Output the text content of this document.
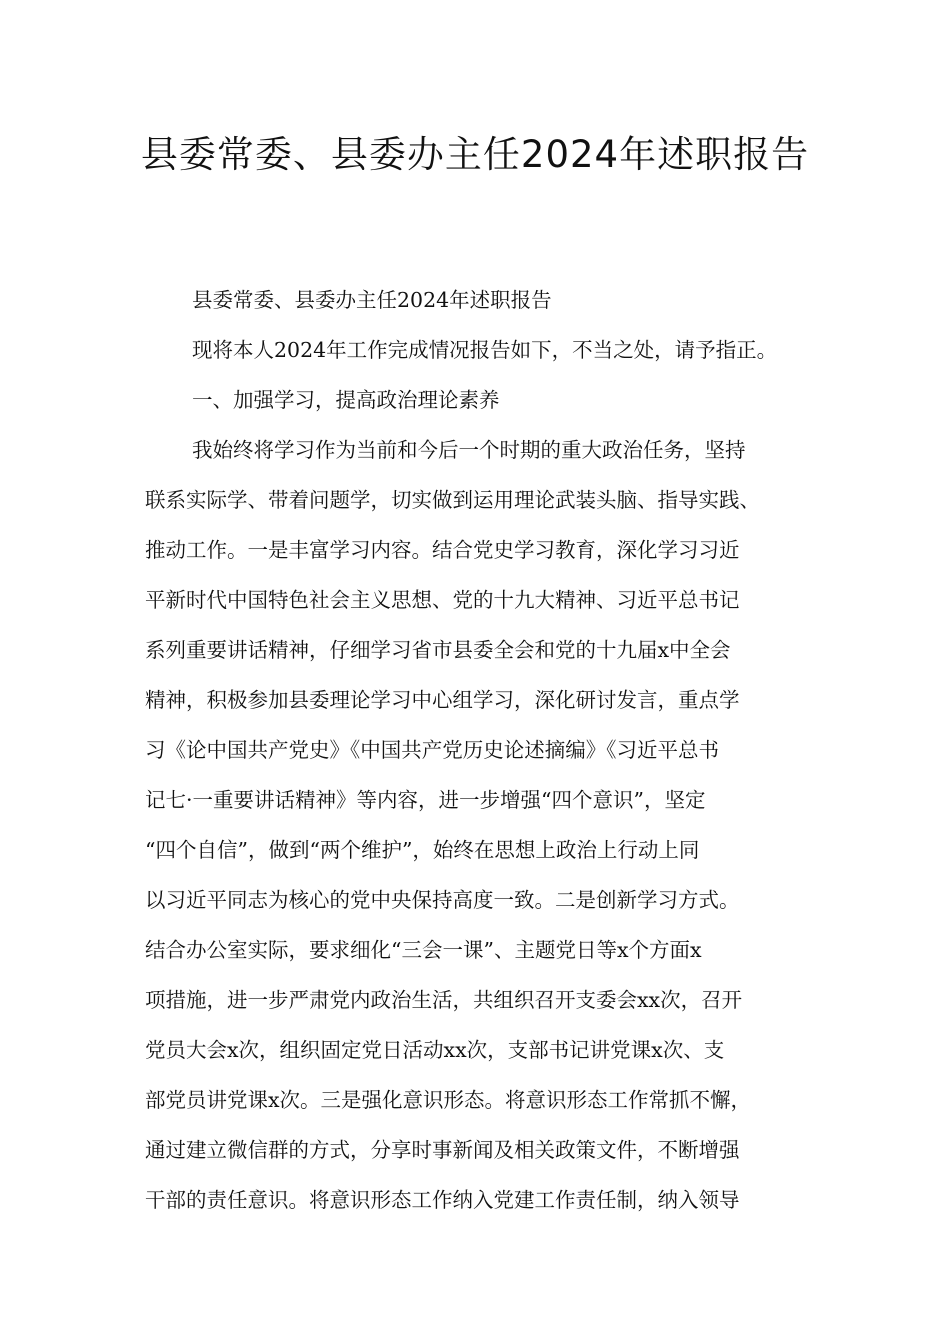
县委常委、县委办主任2024年述职报告
县委常委、县委办主任2024年述职报告
现将本人2024年工作完成情况报告如下，不当之处，请予指正。
一、加强学习，提高政治理论素养
我始终将学习作为当前和今后一个时期的重大政治任务，坚持
联系实际学、带着问题学，切实做到运用理论武装头脑、指导实践、
推动工作。一是丰富学习内容。结合党史学习教育，深化学习习近
平新时代中国特色社会主义思想、党的十九大精神、习近平总书记
系列重要讲话精神，仔细学习省市县委全会和党的十九届x中全会
精神，积极参加县委理论学习中心组学习，深化研讨发言，重点学
习《论中国共产党史》《中国共产党历史论述摘编》《习近平总书
记七·一重要讲话精神》等内容，进一步增强“四个意识”，坚定
“四个自信”，做到“两个维护”，始终在思想上政治上行动上同
以习近平同志为核心的党中央保持高度一致。二是创新学习方式。
结合办公室实际，要求细化“三会一课”、主题党日等x个方面x
项措施，进一步严肃党内政治生活，共组织召开支委会xx次，召开
党员大会x次，组织固定党日活动xx次，支部书记讲党课x次、支
部党员讲党课x次。三是强化意识形态。将意识形态工作常抓不懈，
通过建立微信群的方式，分享时事新闻及相关政策文件，不断增强
干部的责任意识。将意识形态工作纳入党建工作责任制，纳入领导
